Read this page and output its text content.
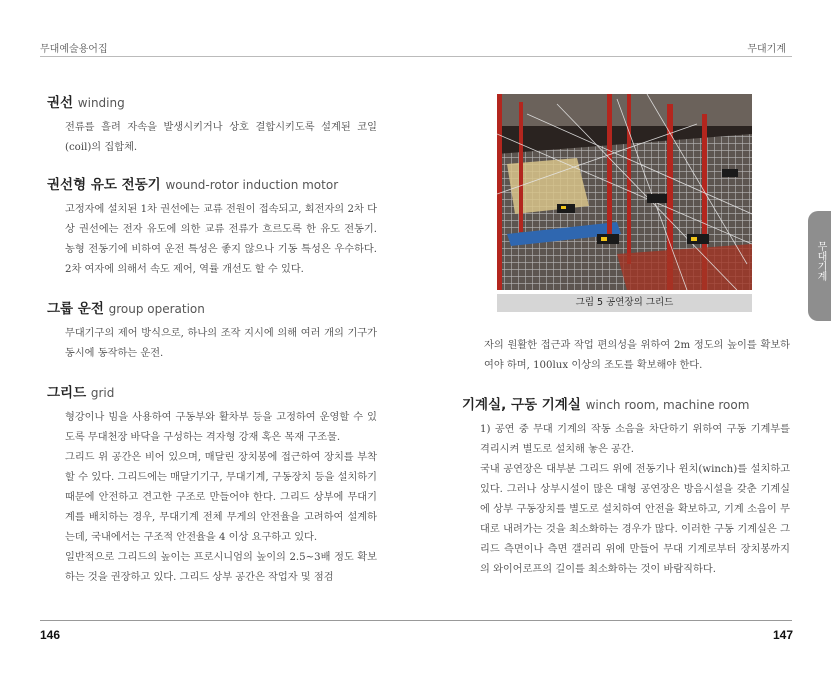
무대예술용어집	무대기계
권선 winding

전류를 흘려 자속을 발생시키거나 상호 결합시키도록 설계된 코일(coil)의 집합체.

권선형 유도 전동기 wound-rotor induction motor

고정자에 설치된 1차 권선에는 교류 전원이 접속되고, 회전자의 2차 다상 권선에는 전자 유도에 의한 교류 전류가 흐르도록 한 유도 전동기. 농형 전동기에 비하여 운전 특성은 좋지 않으나 기동 특성은 우수하다. 2차 여자에 의해서 속도 제어, 역률 개선도 할 수 있다.

그룹 운전 group operation

무대기구의 제어 방식으로, 하나의 조작 지시에 의해 여러 개의 기구가 동시에 동작하는 운전.

그리드 grid

형강이나 빔을 사용하여 구동부와 활차부 등을 고정하여 운영할 수 있도록 무대천장 바닥을 구성하는 격자형 강재 혹은 목재 구조물.

그리드 위 공간은 비어 있으며, 매달린 장치봉에 접근하여 장치를 부착할 수 있다. 그리드에는 매달기기구, 무대기계, 구동장치 등을 설치하기 때문에 안전하고 견고한 구조로 만들어야 한다. 그리드 상부에 무대기계를 배치하는 경우, 무대기계 전체 무게의 안전율을 고려하여 설계하는데, 국내에서는 구조적 안전율을 4 이상 요구하고 있다.

일반적으로 그리드의 높이는 프로시니엄의 높이의 2.5~3배 정도 확보하는 것을 권장하고 있다. 그리드 상부 공간은 작업자 및 점검

그림 5 공연장의 그리드

자의 원활한 접근과 작업 편의성을 위하여 2m 정도의 높이를 확보하여야 하며, 100lux 이상의 조도를 확보해야 한다.

기계실, 구동 기계실 winch room, machine room

1) 공연 중 무대 기계의 작동 소음을 차단하기 위하여 구동 기계부를 격리시켜 별도로 설치해 놓은 공간.

국내 공연장은 대부분 그리드 위에 전동기나 윈치(winch)를 설치하고 있다. 그러나 상부시설이 많은 대형 공연장은 방음시설을 갖춘 기계실에 상부 구동장치를 별도로 설치하여 안전을 확보하고, 기계 소음이 무대로 내려가는 것을 최소화하는 경우가 많다. 이러한 구동 기계실은 그리드 측면이나 측면 갤러리 위에 만들어 무대 기계로부터 장치봉까지의 와이어로프의 길이를 최소화하는 것이 바람직하다.

무대기계
146	147
